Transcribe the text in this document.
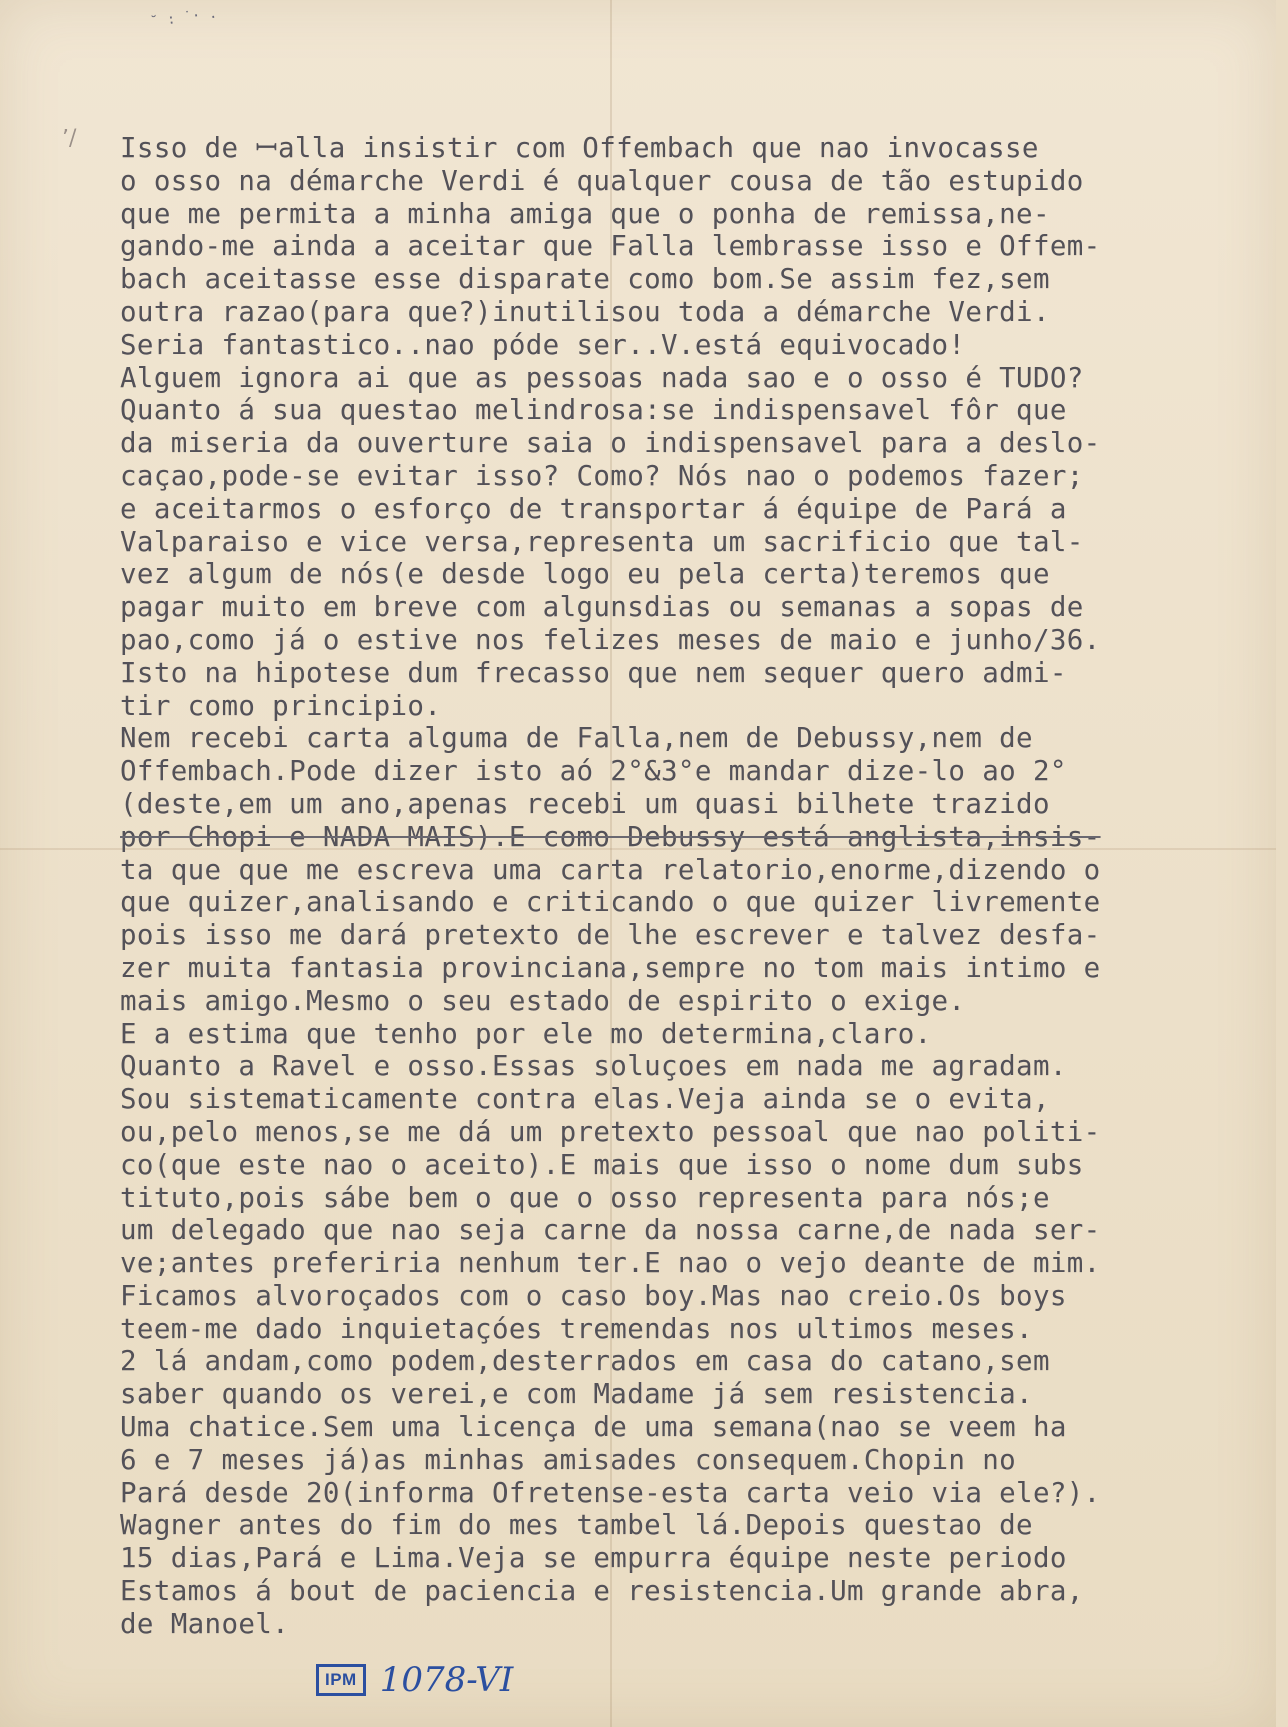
˘ ꞉ ˙· .
٬/ Isso de ꟷalla insistir com Offembach que nao invocasse
o osso na démarche Verdi é qualquer cousa de tão estupido
que me permita a minha amiga que o ponha de remissa,ne-
gando-me ainda a aceitar que Falla lembrasse isso e Offem-
bach aceitasse esse disparate como bom.Se assim fez,sem
outra razao(para que?)inutilisou toda a démarche Verdi.
Seria fantastico..nao póde ser..V.está equivocado!
Alguem ignora ai que as pessoas nada sao e o osso é TUDO?
Quanto á sua questao melindrosa:se indispensavel fôr que
da miseria da ouverture saia o indispensavel para a deslo-
caçao,pode-se evitar isso? Como? Nós nao o podemos fazer;
e aceitarmos o esforço de transportar á équipe de Pará a
Valparaiso e vice versa,representa um sacrificio que tal-
vez algum de nós(e desde logo eu pela certa)teremos que
pagar muito em breve com algunsdias ou semanas a sopas de
pao,como já o estive nos felizes meses de maio e junho/36.
Isto na hipotese dum frecasso que nem sequer quero admi-
tir como principio.
Nem recebi carta alguma de Falla,nem de Debussy,nem de
Offembach.Pode dizer isto aó 2°&3°e mandar dize-lo ao 2°
(deste,em um ano,apenas recebi um quasi bilhete trazido
por Chopi e NADA MAIS).E como Debussy está anglista,insis-
ta que que me escreva uma carta relatorio,enorme,dizendo o
que quizer,analisando e criticando o que quizer livremente
pois isso me dará pretexto de lhe escrever e talvez desfa-
zer muita fantasia provinciana,sempre no tom mais intimo e
mais amigo.Mesmo o seu estado de espirito o exige.
E a estima que tenho por ele mo determina,claro.
Quanto a Ravel e osso.Essas soluçoes em nada me agradam.
Sou sistematicamente contra elas.Veja ainda se o evita,
ou,pelo menos,se me dá um pretexto pessoal que nao politi-
co(que este nao o aceito).E mais que isso o nome dum subs
tituto,pois sábe bem o que o osso representa para nós;e
um delegado que nao seja carne da nossa carne,de nada ser-
ve;antes preferiria nenhum ter.E nao o vejo deante de mim.
Ficamos alvoroçados com o caso boy.Mas nao creio.Os boys
teem-me dado inquietaçóes tremendas nos ultimos meses.
2 lá andam,como podem,desterrados em casa do catano,sem
saber quando os verei,e com Madame já sem resistencia.
Uma chatice.Sem uma licença de uma semana(nao se veem ha
6 e 7 meses já)as minhas amisades consequem.Chopin no
Pará desde 20(informa Ofretense-esta carta veio via ele?).
Wagner antes do fim do mes tambel lá.Depois questao de
15 dias,Pará e Lima.Veja se empurra équipe neste periodo
Estamos á bout de paciencia e resistencia.Um grande abra,
de Manoel.
IPM 1078-VI
